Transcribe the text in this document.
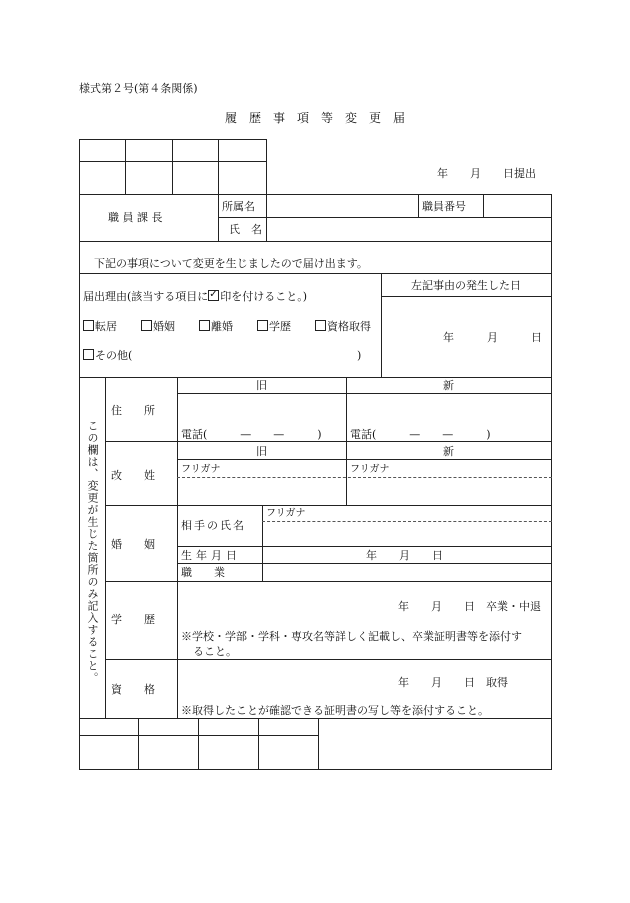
様式第２号(第４条関係)
履　歴　事　項　等　変　更　届
年　　月　　日提出
職 員 課 長
所属名
氏　名
職員番号
下記の事項について変更を生じましたので届け出ます。
届出理由(該当する項目に✓ 印を付けること。)
左記事由の発生した日
年　　　月　　　日
転居	婚姻	離婚	学歴	資格取得
その他(	)
この欄は、変更が生じた箇所のみ記入すること。
住　　所
旧	新
電話(　　　—　　—　　　)	電話(　　　—　　—　　　)
改　　姓
旧	新
フリガナ	フリガナ
婚　　姻
相手の氏名
フリガナ
生年月日	年　　月　　日
職　　業
学　　歴
年　　月　　日　卒業・中退
※学校・学部・学科・専攻名等詳しく記載し、卒業証明書等を添付す
ること。
資　　格
年　　月　　日　取得
※取得したことが確認できる証明書の写し等を添付すること。
